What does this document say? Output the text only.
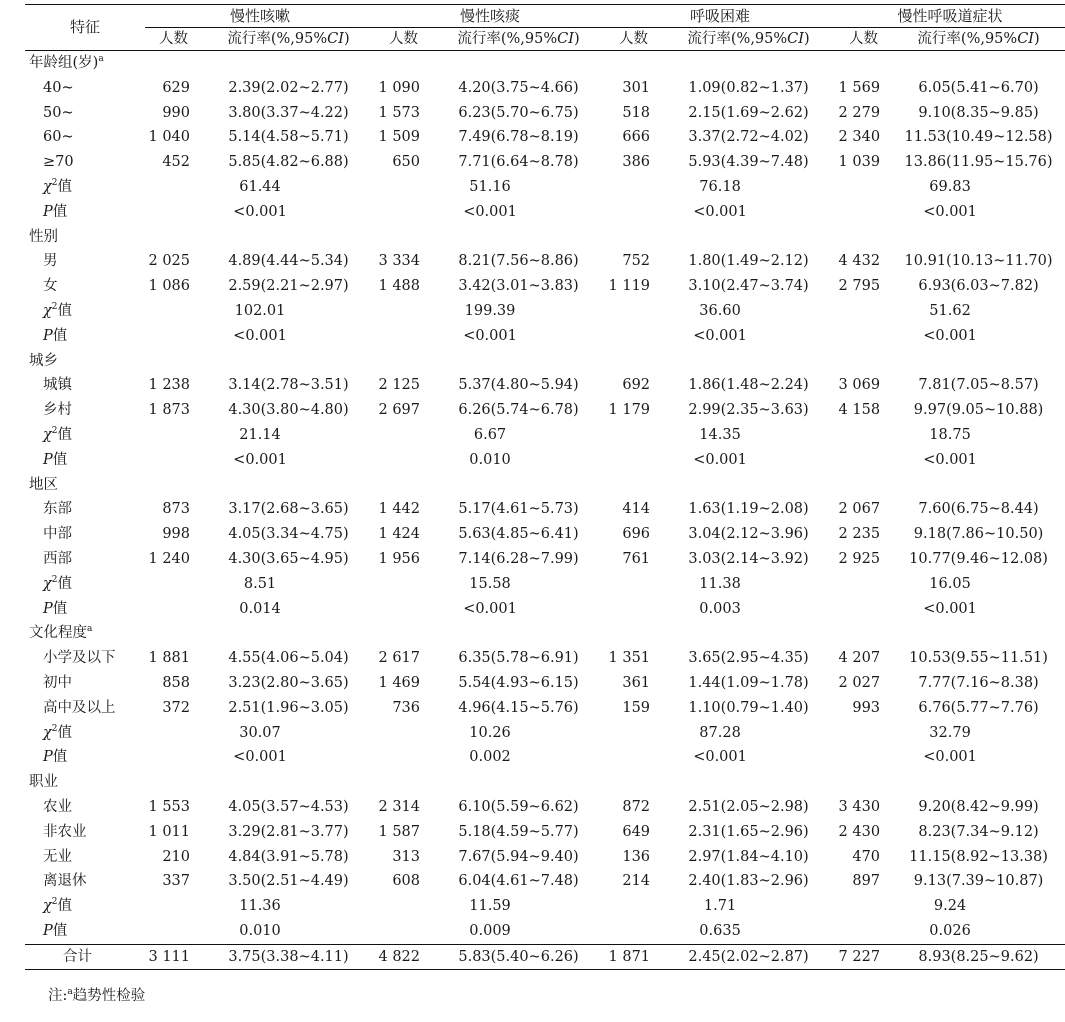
特征	慢性咳嗽		慢性咳痰		呼吸困难		慢性呼吸道症状	
	人数	流行率(%,95%CI)	人数	流行率(%,95%CI)	人数	流行率(%,95%CI)	人数	流行率(%,95%CI)
年龄组(岁)$^a$
40~	629	2.39(2.02~2.77)	1 090	4.20(3.75~4.66)	301	1.09(0.82~1.37)	1 569	6.05(5.41~6.70)
50~	990	3.80(3.37~4.22)	1 573	6.23(5.70~6.75)	518	2.15(1.69~2.62)	2 279	9.10(8.35~9.85)
60~	1 040	5.14(4.58~5.71)	1 509	7.49(6.78~8.19)	666	3.37(2.72~4.02)	2 340	11.53(10.49~12.58)
≥70	452	5.85(4.82~6.88)	650	7.71(6.64~8.78)	386	5.93(4.39~7.48)	1 039	13.86(11.95~15.76)
$\chi^2$值	61.44		51.16		76.18		69.83	
P值	<0.001		<0.001		<0.001		<0.001	
性别								
男	2 025	4.89(4.44~5.34)	3 334	8.21(7.56~8.86)	752	1.80(1.49~2.12)	4 432	10.91(10.13~11.70)
女	1 086	2.59(2.21~2.97)	1 488	3.42(3.01~3.83)	1 119	3.10(2.47~3.74)	2 795	6.93(6.03~7.82)
$\chi^2$值	102.01		199.39		36.60		51.62	
P值	<0.001		<0.001		<0.001		<0.001	
城乡								
城镇	1 238	3.14(2.78~3.51)	2 125	5.37(4.80~5.94)	692	1.86(1.48~2.24)	3 069	7.81(7.05~8.57)
乡村	1 873	4.30(3.80~4.80)	2 697	6.26(5.74~6.78)	1 179	2.99(2.35~3.63)	4 158	9.97(9.05~10.88)
$\chi^2$值	21.14		6.67		14.35		18.75	
P值	<0.001		0.010		<0.001		<0.001	
地区								
东部	873	3.17(2.68~3.65)	1 442	5.17(4.61~5.73)	414	1.63(1.19~2.08)	2 067	7.60(6.75~8.44)
中部	998	4.05(3.34~4.75)	1 424	5.63(4.85~6.41)	696	3.04(2.12~3.96)	2 235	9.18(7.86~10.50)
西部	1 240	4.30(3.65~4.95)	1 956	7.14(6.28~7.99)	761	3.03(2.14~3.92)	2 925	10.77(9.46~12.08)
$\chi^2$值	8.51		15.58		11.38		16.05	
P值	0.014		<0.001		0.003		<0.001	
文化程度$^a$
小学及以下	1 881	4.55(4.06~5.04)	2 617	6.35(5.78~6.91)	1 351	3.65(2.95~4.35)	4 207	10.53(9.55~11.51)
初中	858	3.23(2.80~3.65)	1 469	5.54(4.93~6.15)	361	1.44(1.09~1.78)	2 027	7.77(7.16~8.38)
高中及以上	372	2.51(1.96~3.05)	736	4.96(4.15~5.76)	159	1.10(0.79~1.40)	993	6.76(5.77~7.76)
$\chi^2$值	30.07		10.26		87.28		32.79	
P值	<0.001		0.002		<0.001		<0.001	
职业								
农业	1 553	4.05(3.57~4.53)	2 314	6.10(5.59~6.62)	872	2.51(2.05~2.98)	3 430	9.20(8.42~9.99)
非农业	1 011	3.29(2.81~3.77)	1 587	5.18(4.59~5.77)	649	2.31(1.65~2.96)	2 430	8.23(7.34~9.12)
无业	210	4.84(3.91~5.78)	313	7.67(5.94~9.40)	136	2.97(1.84~4.10)	470	11.15(8.92~13.38)
离退休	337	3.50(2.51~4.49)	608	6.04(4.61~7.48)	214	2.40(1.83~2.96)	897	9.13(7.39~10.87)
$\chi^2$值	11.36		11.59		1.71		9.24	
P值	0.010		0.009		0.635		0.026	
合计	3 111	3.75(3.38~4.11)	4 822	5.83(5.40~6.26)	1 871	2.45(2.02~2.87)	7 227	8.93(8.25~9.62)
注:$^a$趋势性检验
